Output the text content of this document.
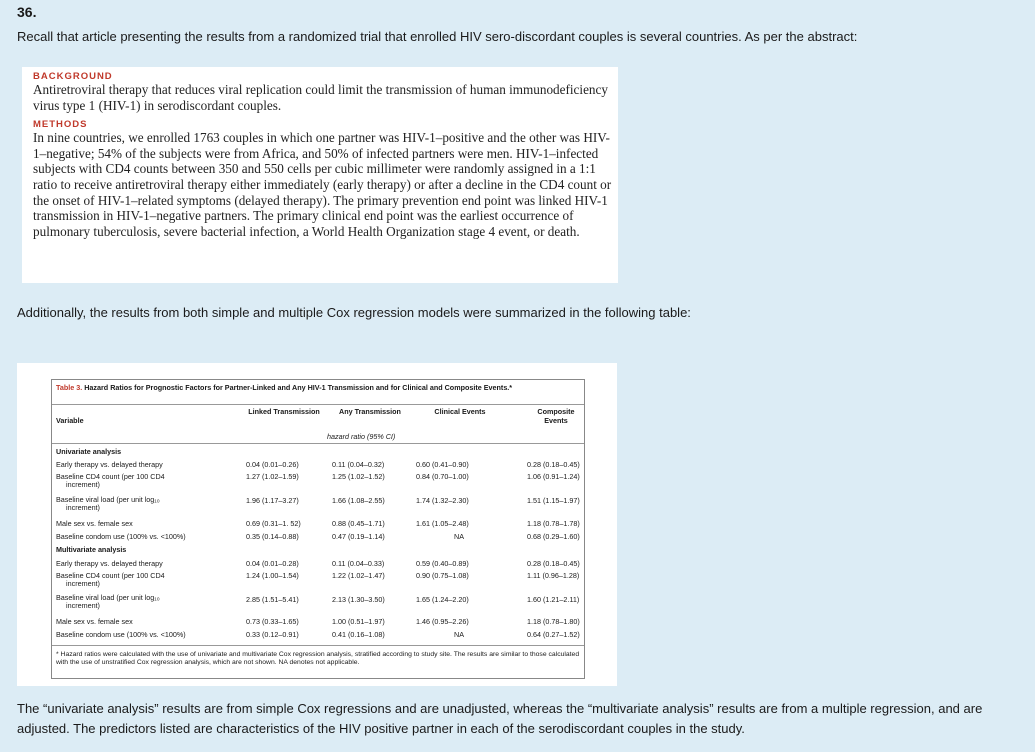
36.
Recall that article presenting the results from a randomized trial that enrolled HIV sero-discordant couples is several countries. As per the abstract:
BACKGROUND

Antiretroviral therapy that reduces viral replication could limit the transmission of human immunodeficiency virus type 1 (HIV-1) in serodiscordant couples.

METHODS

In nine countries, we enrolled 1763 couples in which one partner was HIV-1–positive and the other was HIV-1–negative; 54% of the subjects were from Africa, and 50% of infected partners were men. HIV-1–infected subjects with CD4 counts between 350 and 550 cells per cubic millimeter were randomly assigned in a 1:1 ratio to receive antiretroviral therapy either immediately (early therapy) or after a decline in the CD4 count or the onset of HIV-1–related symptoms (delayed therapy). The primary prevention end point was linked HIV-1 transmission in HIV-1–negative partners. The primary clinical end point was the earliest occurrence of pulmonary tuberculosis, severe bacterial infection, a World Health Organization stage 4 event, or death.

Additionally, the results from both simple and multiple Cox regression models were summarized in the following table:
Table 3. Hazard Ratios for Prognostic Factors for Partner-Linked and Any HIV-1 Transmission and for Clinical and Composite Events.*
Variable
Linked Transmission	Any Transmission	Clinical Events	Composite Events
hazard ratio (95% CI)
Univariate analysis
Early therapy vs. delayed therapy	0.04 (0.01–0.26)	0.11 (0.04–0.32)	0.60 (0.41–0.90)	0.28 (0.18–0.45)
Baseline CD4 count (per 100 CD4
increment)
1.27 (1.02–1.59)	1.25 (1.02–1.52)	0.84 (0.70–1.00)	1.06 (0.91–1.24)
Baseline viral load (per unit log₁₀
increment)
1.96 (1.17–3.27)	1.66 (1.08–2.55)	1.74 (1.32–2.30)	1.51 (1.15–1.97)
Male sex vs. female sex	0.69 (0.31–1. 52)	0.88 (0.45–1.71)	1.61 (1.05–2.48)	1.18 (0.78–1.78)
Baseline condom use (100% vs. <100%)	0.35 (0.14–0.88)	0.47 (0.19–1.14)	NA	0.68 (0.29–1.60)
Multivariate analysis
Early therapy vs. delayed therapy	0.04 (0.01–0.28)	0.11 (0.04–0.33)	0.59 (0.40–0.89)	0.28 (0.18–0.45)
Baseline CD4 count (per 100 CD4
increment)
1.24 (1.00–1.54)	1.22 (1.02–1.47)	0.90 (0.75–1.08)	1.11 (0.96–1.28)
Baseline viral load (per unit log₁₀
increment)
2.85 (1.51–5.41)	2.13 (1.30–3.50)	1.65 (1.24–2.20)	1.60 (1.21–2.11)
Male sex vs. female sex	0.73 (0.33–1.65)	1.00 (0.51–1.97)	1.46 (0.95–2.26)	1.18 (0.78–1.80)
Baseline condom use (100% vs. <100%)	0.33 (0.12–0.91)	0.41 (0.16–1.08)	NA	0.64 (0.27–1.52)
* Hazard ratios were calculated with the use of univariate and multivariate Cox regression analysis, stratified according to study site. The results are similar to those calculated with the use of unstratified Cox regression analysis, which are not shown. NA denotes not applicable.
The “univariate analysis” results are from simple Cox regressions and are unadjusted, whereas the “multivariate analysis” results are from a multiple regression, and are adjusted. The predictors listed are characteristics of the HIV positive partner in each of the serodiscordant couples in the study.
